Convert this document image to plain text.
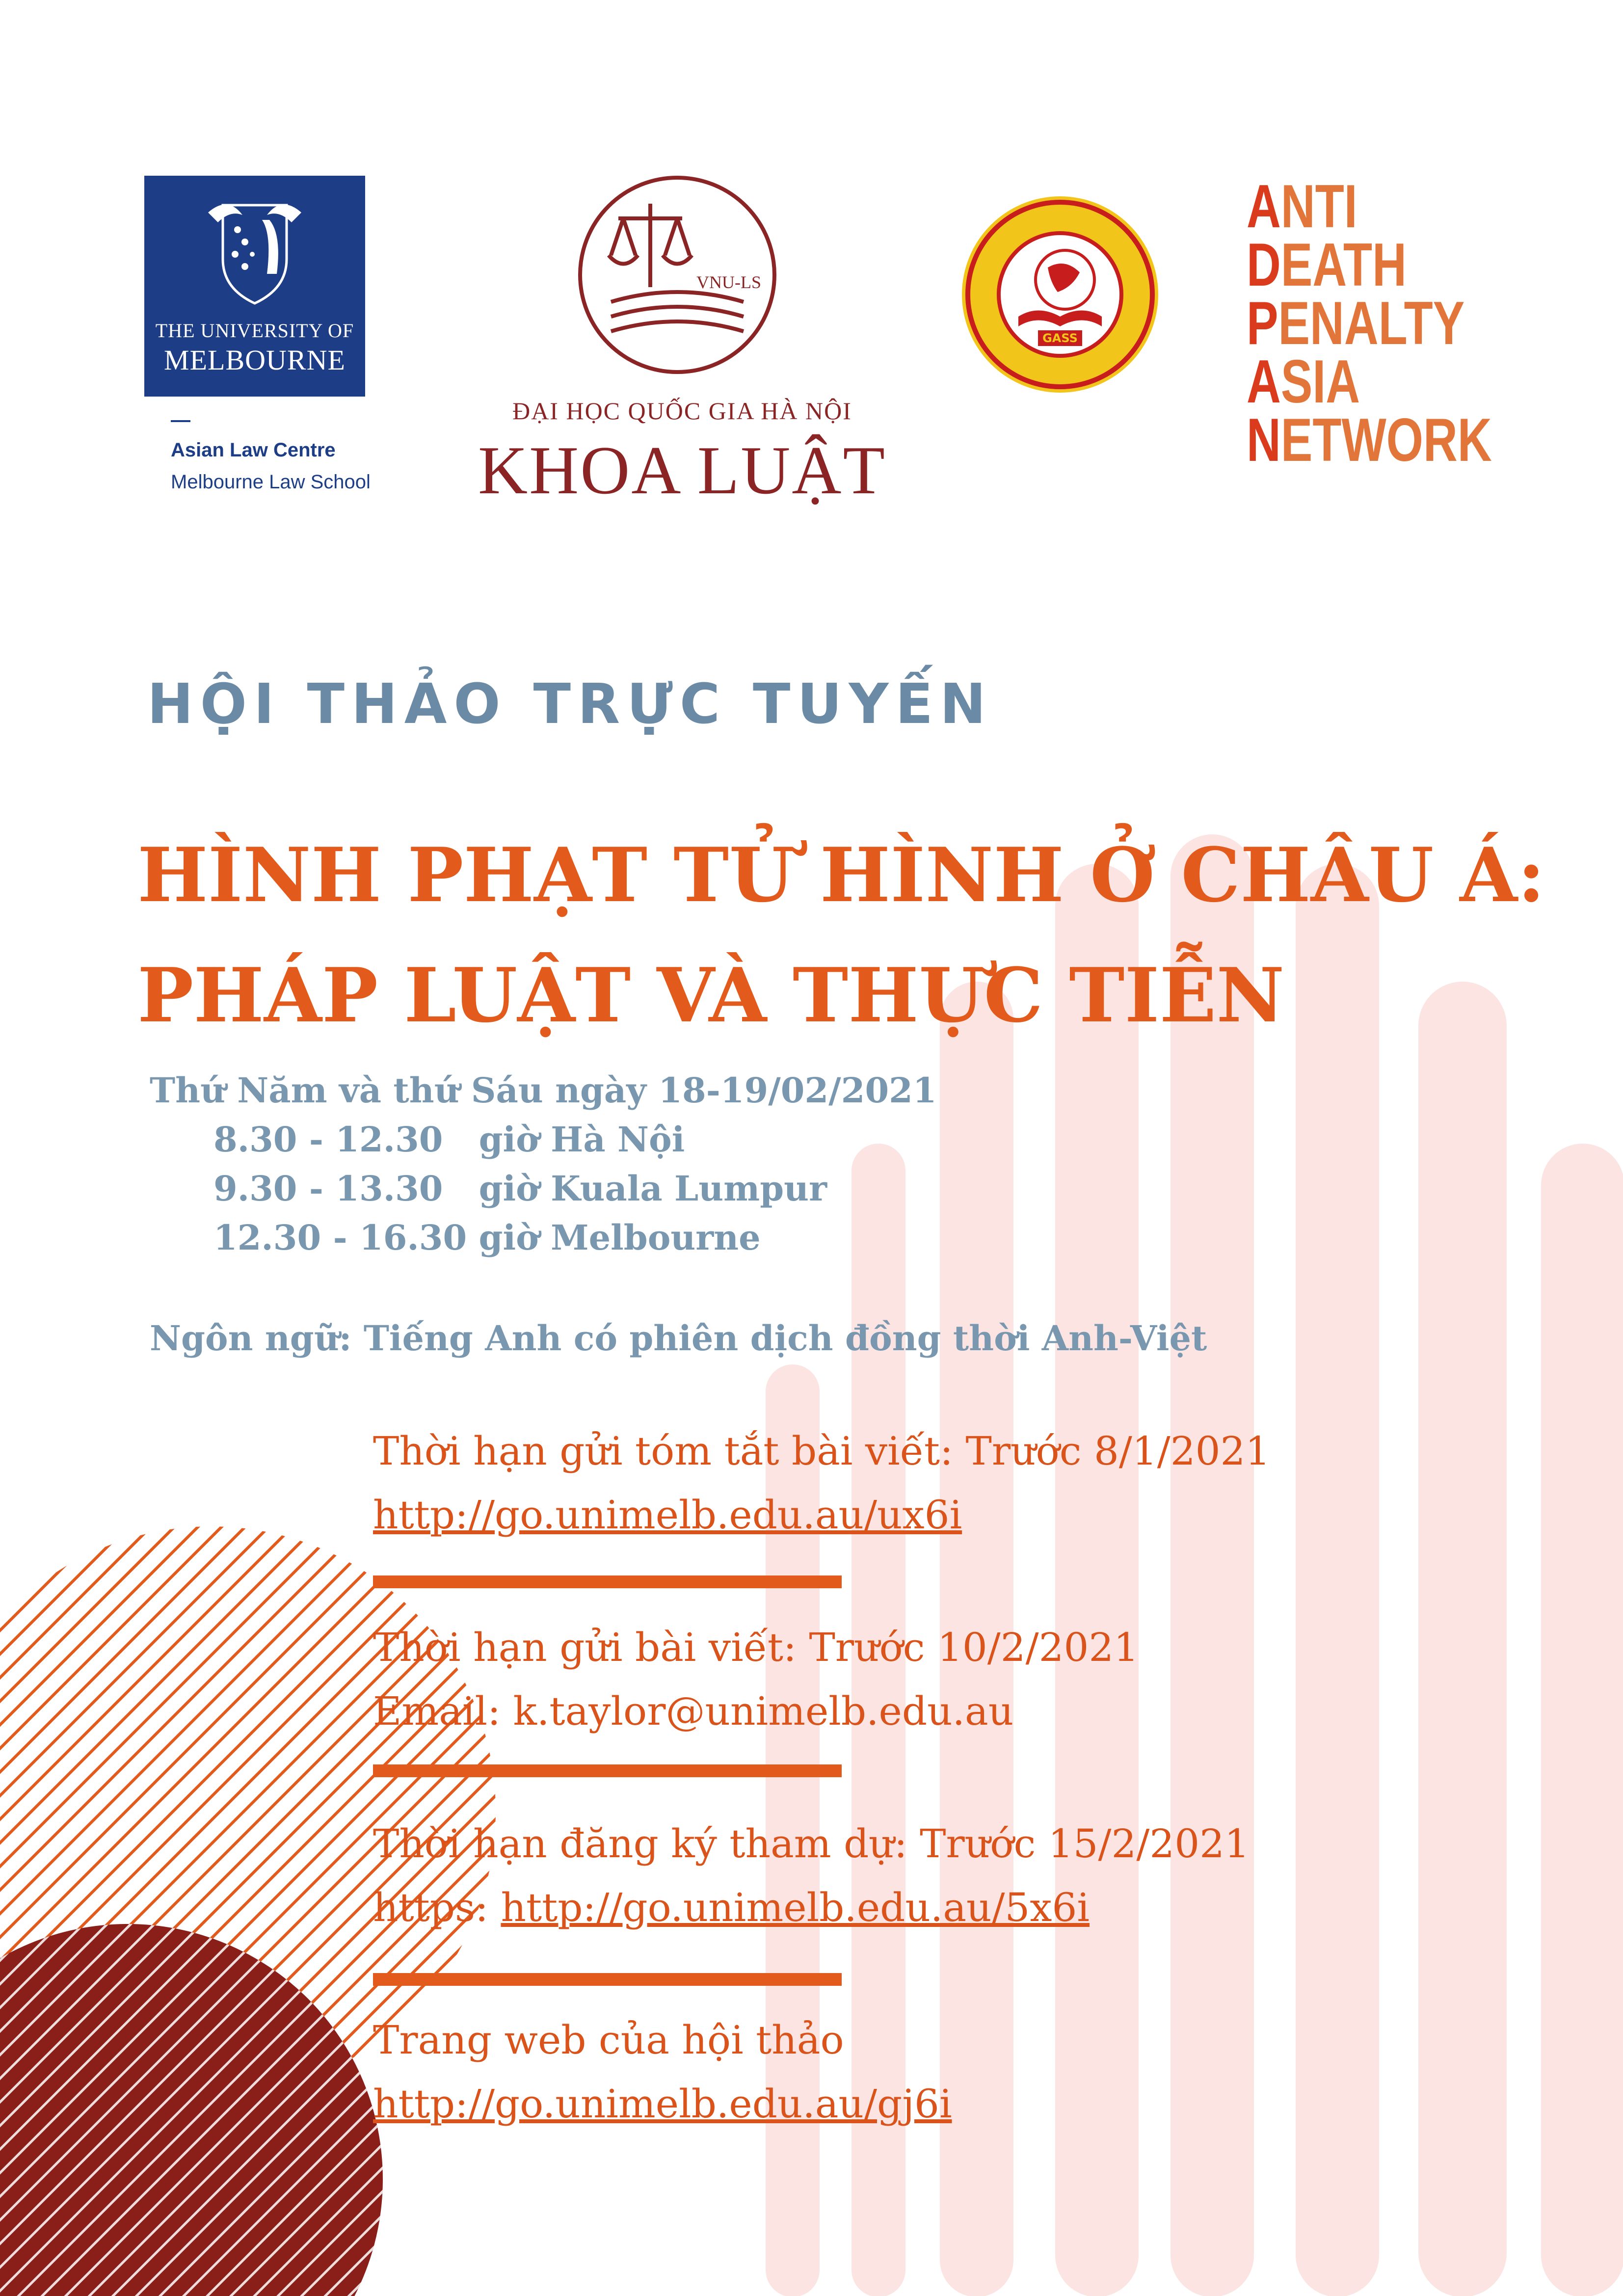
THE UNIVERSITY OF
MELBOURNE
Asian Law Centre
Melbourne Law School
VNU-LS
ĐẠI HỌC QUỐC GIA HÀ NỘI
KHOA LUẬT
GASS
ANTI
DEATH
PENALTY
ASIA
NETWORK
HỘI THẢO TRỰC TUYẾN
HÌNH PHẠT TỬ HÌNH Ở CHÂU Á:
PHÁP LUẬT VÀ THỰC TIỄN
Thứ Năm và thứ Sáu ngày 18-19/02/2021
8.30 - 12.30   giờ Hà Nội
9.30 - 13.30   giờ Kuala Lumpur
12.30 - 16.30 giờ Melbourne
Ngôn ngữ: Tiếng Anh có phiên dịch đồng thời Anh-Việt
Thời hạn gửi tóm tắt bài viết: Trước 8/1/2021
http://go.unimelb.edu.au/ux6i
Thời hạn gửi bài viết: Trước 10/2/2021
Email: k.taylor@unimelb.edu.au
Thời hạn đăng ký tham dự: Trước 15/2/2021
https: http://go.unimelb.edu.au/5x6i
Trang web của hội thảo
http://go.unimelb.edu.au/gj6i
